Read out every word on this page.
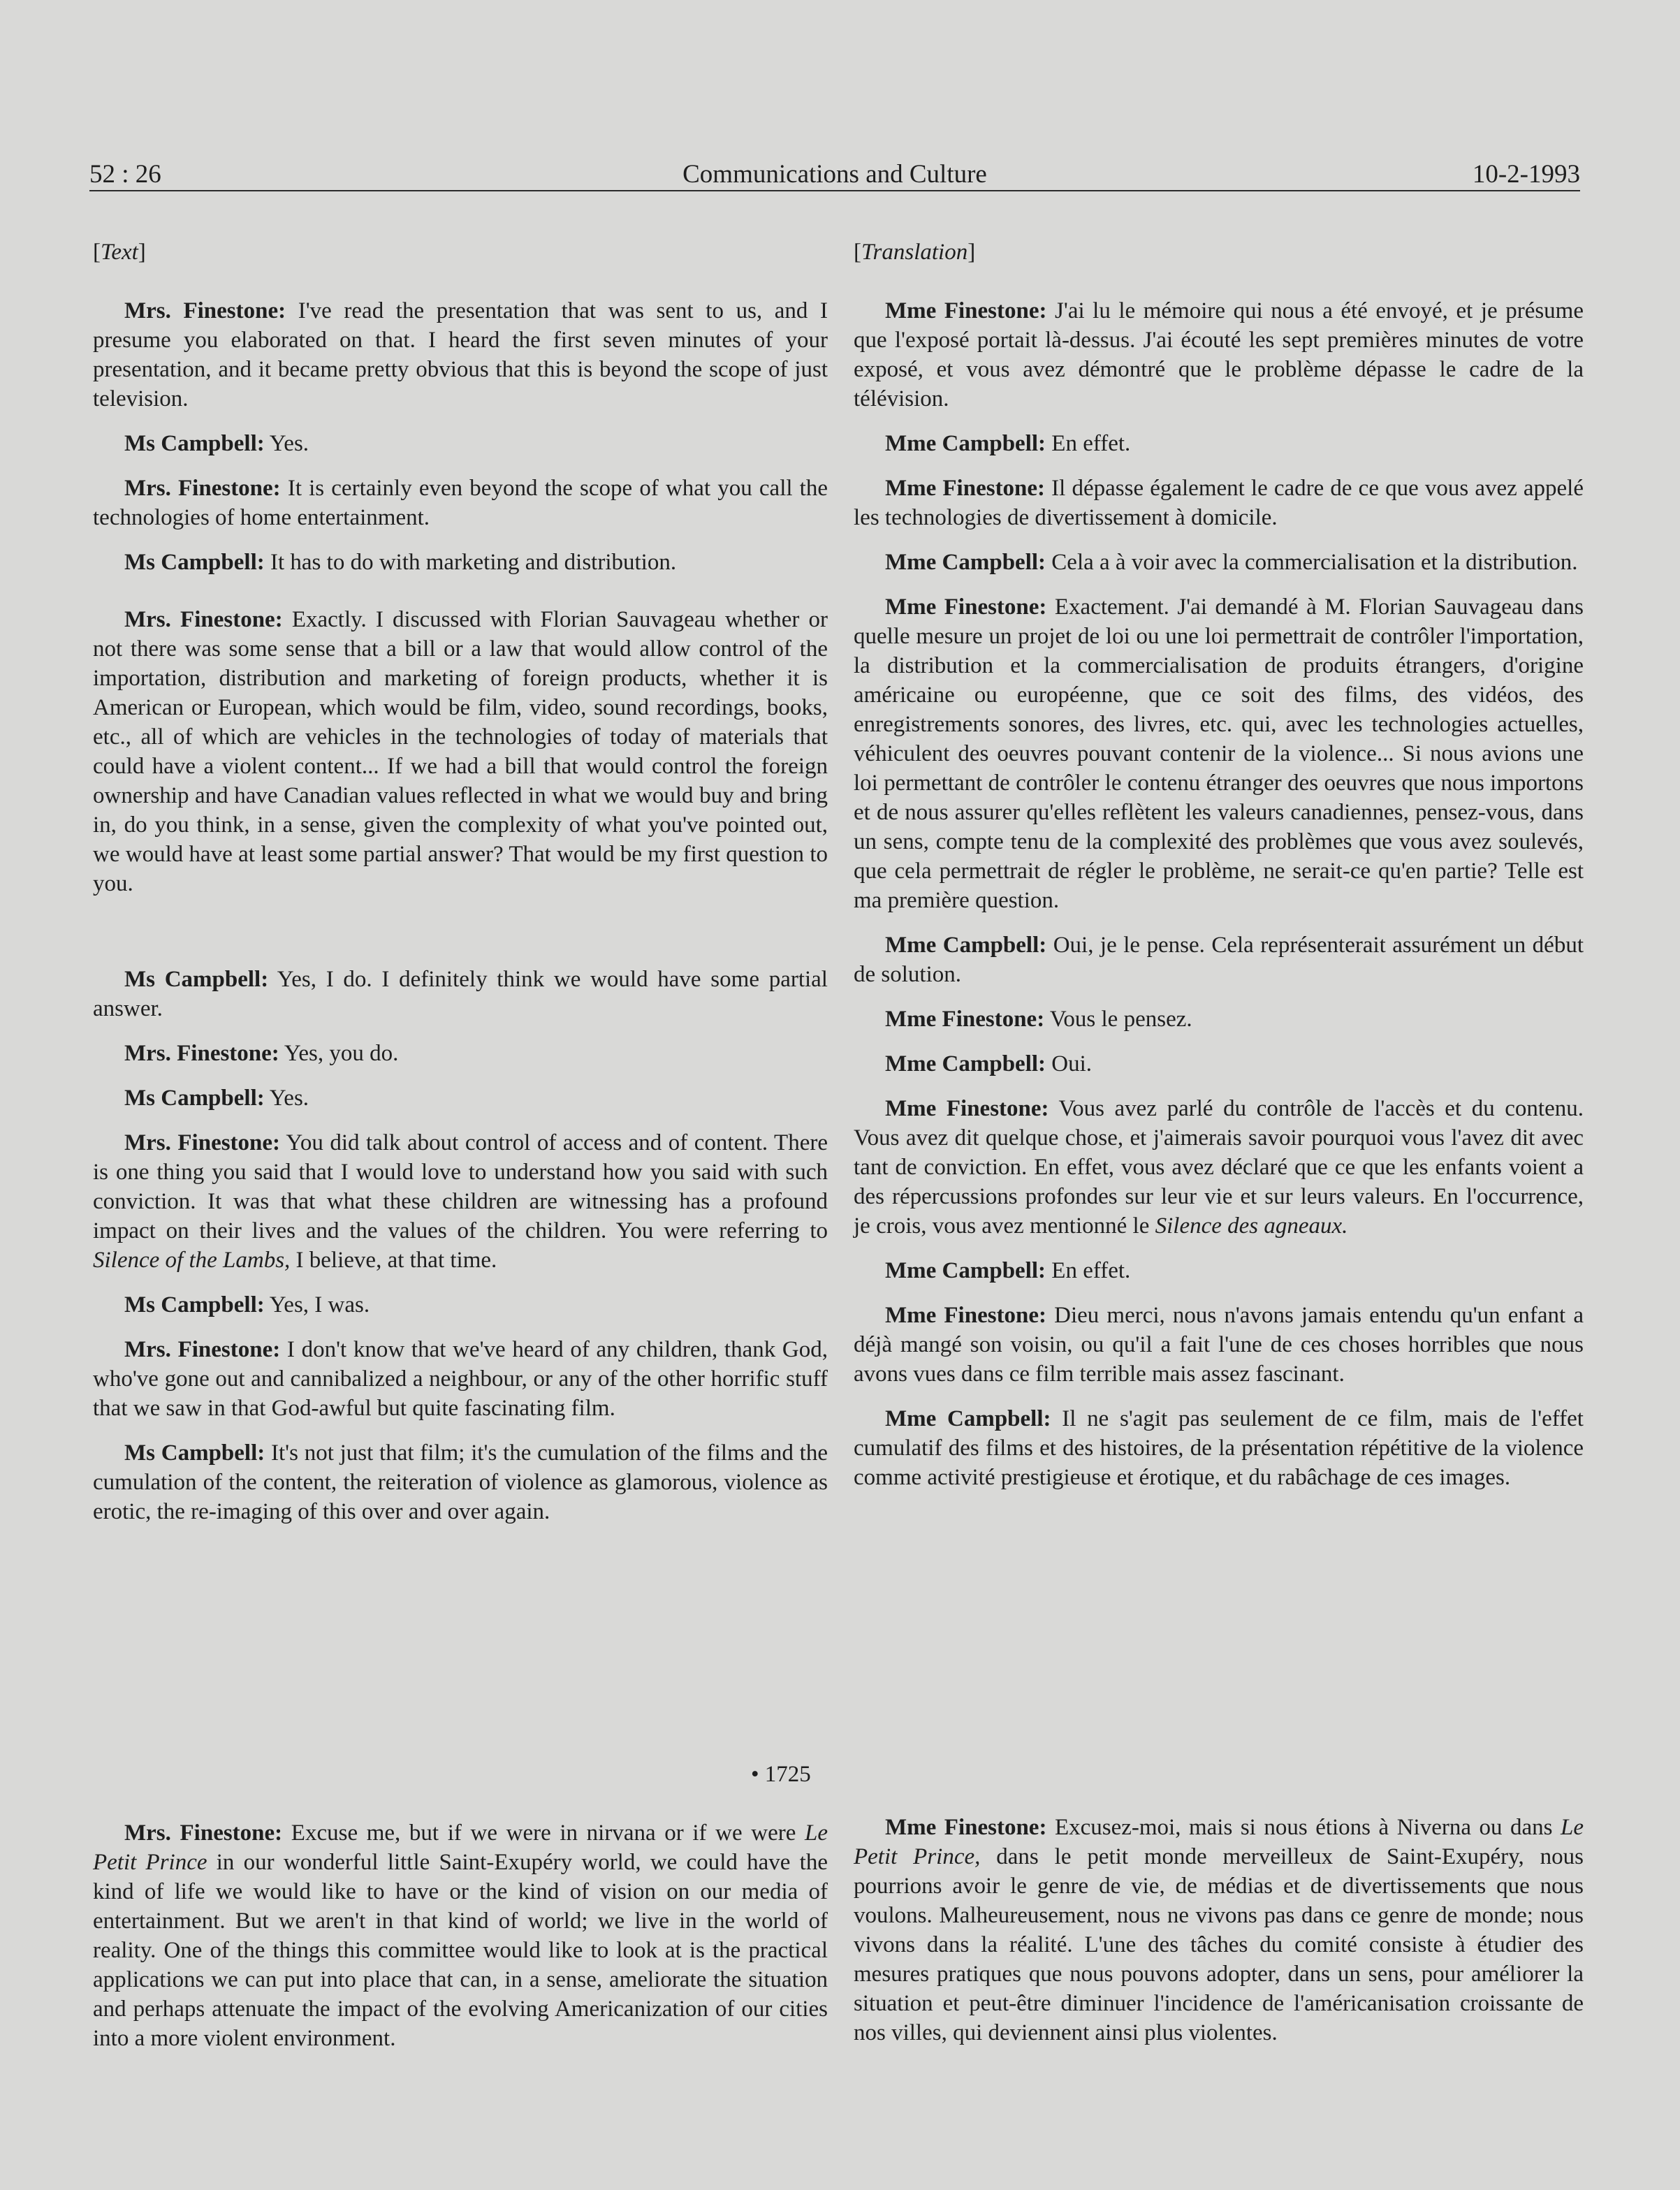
52 : 26	Communications and Culture	10-2-1993
[Text]

Mrs. Finestone: I've read the presentation that was sent to us, and I presume you elaborated on that. I heard the first seven minutes of your presentation, and it became pretty obvious that this is beyond the scope of just television.

Ms Campbell: Yes.

Mrs. Finestone: It is certainly even beyond the scope of what you call the technologies of home entertainment.

Ms Campbell: It has to do with marketing and distribution.

Mrs. Finestone: Exactly. I discussed with Florian Sauvageau whether or not there was some sense that a bill or a law that would allow control of the importation, distribution and marketing of foreign products, whether it is American or European, which would be film, video, sound recordings, books, etc., all of which are vehicles in the technologies of today of materials that could have a violent content... If we had a bill that would control the foreign ownership and have Canadian values reflected in what we would buy and bring in, do you think, in a sense, given the complexity of what you've pointed out, we would have at least some partial answer? That would be my first question to you.

Ms Campbell: Yes, I do. I definitely think we would have some partial answer.

Mrs. Finestone: Yes, you do.

Ms Campbell: Yes.

Mrs. Finestone: You did talk about control of access and of content. There is one thing you said that I would love to understand how you said with such conviction. It was that what these children are witnessing has a profound impact on their lives and the values of the children. You were referring to Silence of the Lambs, I believe, at that time.

Ms Campbell: Yes, I was.

Mrs. Finestone: I don't know that we've heard of any children, thank God, who've gone out and cannibalized a neighbour, or any of the other horrific stuff that we saw in that God-awful but quite fascinating film.

Ms Campbell: It's not just that film; it's the cumulation of the films and the cumulation of the content, the reiteration of violence as glamorous, violence as erotic, the re-imaging of this over and over again.

• 1725

Mrs. Finestone: Excuse me, but if we were in nirvana or if we were Le Petit Prince in our wonderful little Saint-Exupéry world, we could have the kind of life we would like to have or the kind of vision on our media of entertainment. But we aren't in that kind of world; we live in the world of reality. One of the things this committee would like to look at is the practical applications we can put into place that can, in a sense, ameliorate the situation and perhaps attenuate the impact of the evolving Americanization of our cities into a more violent environment.

[Translation]

Mme Finestone: J'ai lu le mémoire qui nous a été envoyé, et je présume que l'exposé portait là-dessus. J'ai écouté les sept premières minutes de votre exposé, et vous avez démontré que le problème dépasse le cadre de la télévision.

Mme Campbell: En effet.

Mme Finestone: Il dépasse également le cadre de ce que vous avez appelé les technologies de divertissement à domicile.

Mme Campbell: Cela a à voir avec la commercialisation et la distribution.

Mme Finestone: Exactement. J'ai demandé à M. Florian Sauvageau dans quelle mesure un projet de loi ou une loi permettrait de contrôler l'importation, la distribution et la commercialisation de produits étrangers, d'origine américaine ou européenne, que ce soit des films, des vidéos, des enregistrements sonores, des livres, etc. qui, avec les technologies actuelles, véhiculent des oeuvres pouvant contenir de la violence... Si nous avions une loi permettant de contrôler le contenu étranger des oeuvres que nous importons et de nous assurer qu'elles reflètent les valeurs canadiennes, pensez-vous, dans un sens, compte tenu de la complexité des problèmes que vous avez soulevés, que cela permettrait de régler le problème, ne serait-ce qu'en partie? Telle est ma première question.

Mme Campbell: Oui, je le pense. Cela représenterait assurément un début de solution.

Mme Finestone: Vous le pensez.

Mme Campbell: Oui.

Mme Finestone: Vous avez parlé du contrôle de l'accès et du contenu. Vous avez dit quelque chose, et j'aimerais savoir pourquoi vous l'avez dit avec tant de conviction. En effet, vous avez déclaré que ce que les enfants voient a des répercussions profondes sur leur vie et sur leurs valeurs. En l'occurrence, je crois, vous avez mentionné le Silence des agneaux.

Mme Campbell: En effet.

Mme Finestone: Dieu merci, nous n'avons jamais entendu qu'un enfant a déjà mangé son voisin, ou qu'il a fait l'une de ces choses horribles que nous avons vues dans ce film terrible mais assez fascinant.

Mme Campbell: Il ne s'agit pas seulement de ce film, mais de l'effet cumulatif des films et des histoires, de la présentation répétitive de la violence comme activité prestigieuse et érotique, et du rabâchage de ces images.

Mme Finestone: Excusez-moi, mais si nous étions à Niverna ou dans Le Petit Prince, dans le petit monde merveilleux de Saint-Exupéry, nous pourrions avoir le genre de vie, de médias et de divertissements que nous voulons. Malheureusement, nous ne vivons pas dans ce genre de monde; nous vivons dans la réalité. L'une des tâches du comité consiste à étudier des mesures pratiques que nous pouvons adopter, dans un sens, pour améliorer la situation et peut-être diminuer l'incidence de l'américanisation croissante de nos villes, qui deviennent ainsi plus violentes.
